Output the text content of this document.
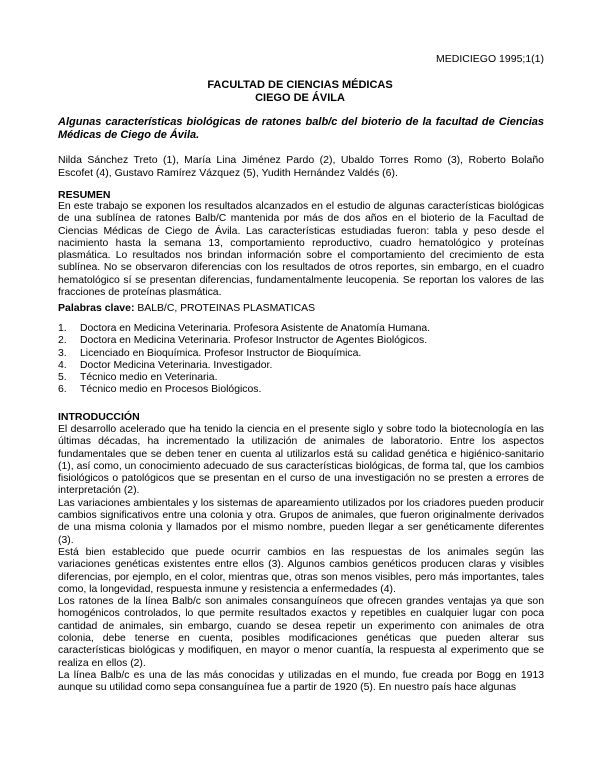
MEDICIEGO 1995;1(1)
FACULTAD DE CIENCIAS MÉDICAS
CIEGO DE ÁVILA
Algunas características biológicas de ratones balb/c del bioterio de la facultad de Ciencias Médicas de Ciego de Ávila.
Nilda Sánchez Treto (1), María Lina Jiménez Pardo (2), Ubaldo Torres Romo (3), Roberto Bolaño Escofet (4), Gustavo Ramírez Vázquez (5), Yudith Hernández Valdés (6).
RESUMEN

En este trabajo se exponen los resultados alcanzados en el estudio de algunas características biológicas de una sublínea de ratones Balb/C mantenida por más de dos años en el bioterio de la Facultad de Ciencias Médicas de Ciego de Ávila. Las características estudiadas fueron: tabla y peso desde el nacimiento hasta la semana 13, comportamiento reproductivo, cuadro hematológico y proteínas plasmática. Lo resultados nos brindan información sobre el comportamiento del crecimiento de esta sublínea. No se observaron diferencias con los resultados de otros reportes, sin embargo, en el cuadro hematológico sí se presentan diferencias, fundamentalmente leucopenia. Se reportan los valores de las fracciones de proteínas plasmática.

Palabras clave: BALB/C, PROTEINAS PLASMATICAS
1.	Doctora en Medicina Veterinaria. Profesora Asistente de Anatomía Humana.
2.	Doctora en Medicina Veterinaria. Profesor Instructor de Agentes Biológicos.
3.	Licenciado en Bioquímica. Profesor Instructor de Bioquímica.
4.	Doctor Medicina Veterinaria. Investigador.
5.	Técnico medio en Veterinaria.
6.	Técnico medio en Procesos Biológicos.
INTRODUCCIÓN

El desarrollo acelerado que ha tenido la ciencia en el presente siglo y sobre todo la biotecnología en las últimas décadas, ha incrementado la utilización de animales de laboratorio. Entre los aspectos fundamentales que se deben tener en cuenta al utilizarlos está su calidad genética e higiénico-sanitario (1), así como, un conocimiento adecuado de sus características biológicas, de forma tal, que los cambios fisiológicos o patológicos que se presentan en el curso de una investigación no se presten a errores de interpretación (2).

Las variaciones ambientales y los sistemas de apareamiento utilizados por los criadores pueden producir cambios significativos entre una colonia y otra. Grupos de animales, que fueron originalmente derivados de una misma colonia y llamados por el mismo nombre, pueden llegar a ser genéticamente diferentes (3).

Está bien establecido que puede ocurrir cambios en las respuestas de los animales según las variaciones genéticas existentes entre ellos (3). Algunos cambios genéticos producen claras y visibles diferencias, por ejemplo, en el color, mientras que, otras son menos visibles, pero más importantes, tales como, la longevidad, respuesta inmune y resistencia a enfermedades (4).

Los ratones de la línea Balb/c son animales consanguíneos que ofrecen grandes ventajas ya que son homogénicos controlados, lo que permite resultados exactos y repetibles en cualquier lugar con poca cantidad de animales, sin embargo, cuando se desea repetir un experimento con animales de otra colonia, debe tenerse en cuenta, posibles modificaciones genéticas que pueden alterar sus características biológicas y modifiquen, en mayor o menor cuantía, la respuesta al experimento que se realiza en ellos (2).

La línea Balb/c es una de las más conocidas y utilizadas en el mundo, fue creada por Bogg en 1913 aunque su utilidad como sepa consanguínea fue a partir de 1920 (5). En nuestro país hace algunas
